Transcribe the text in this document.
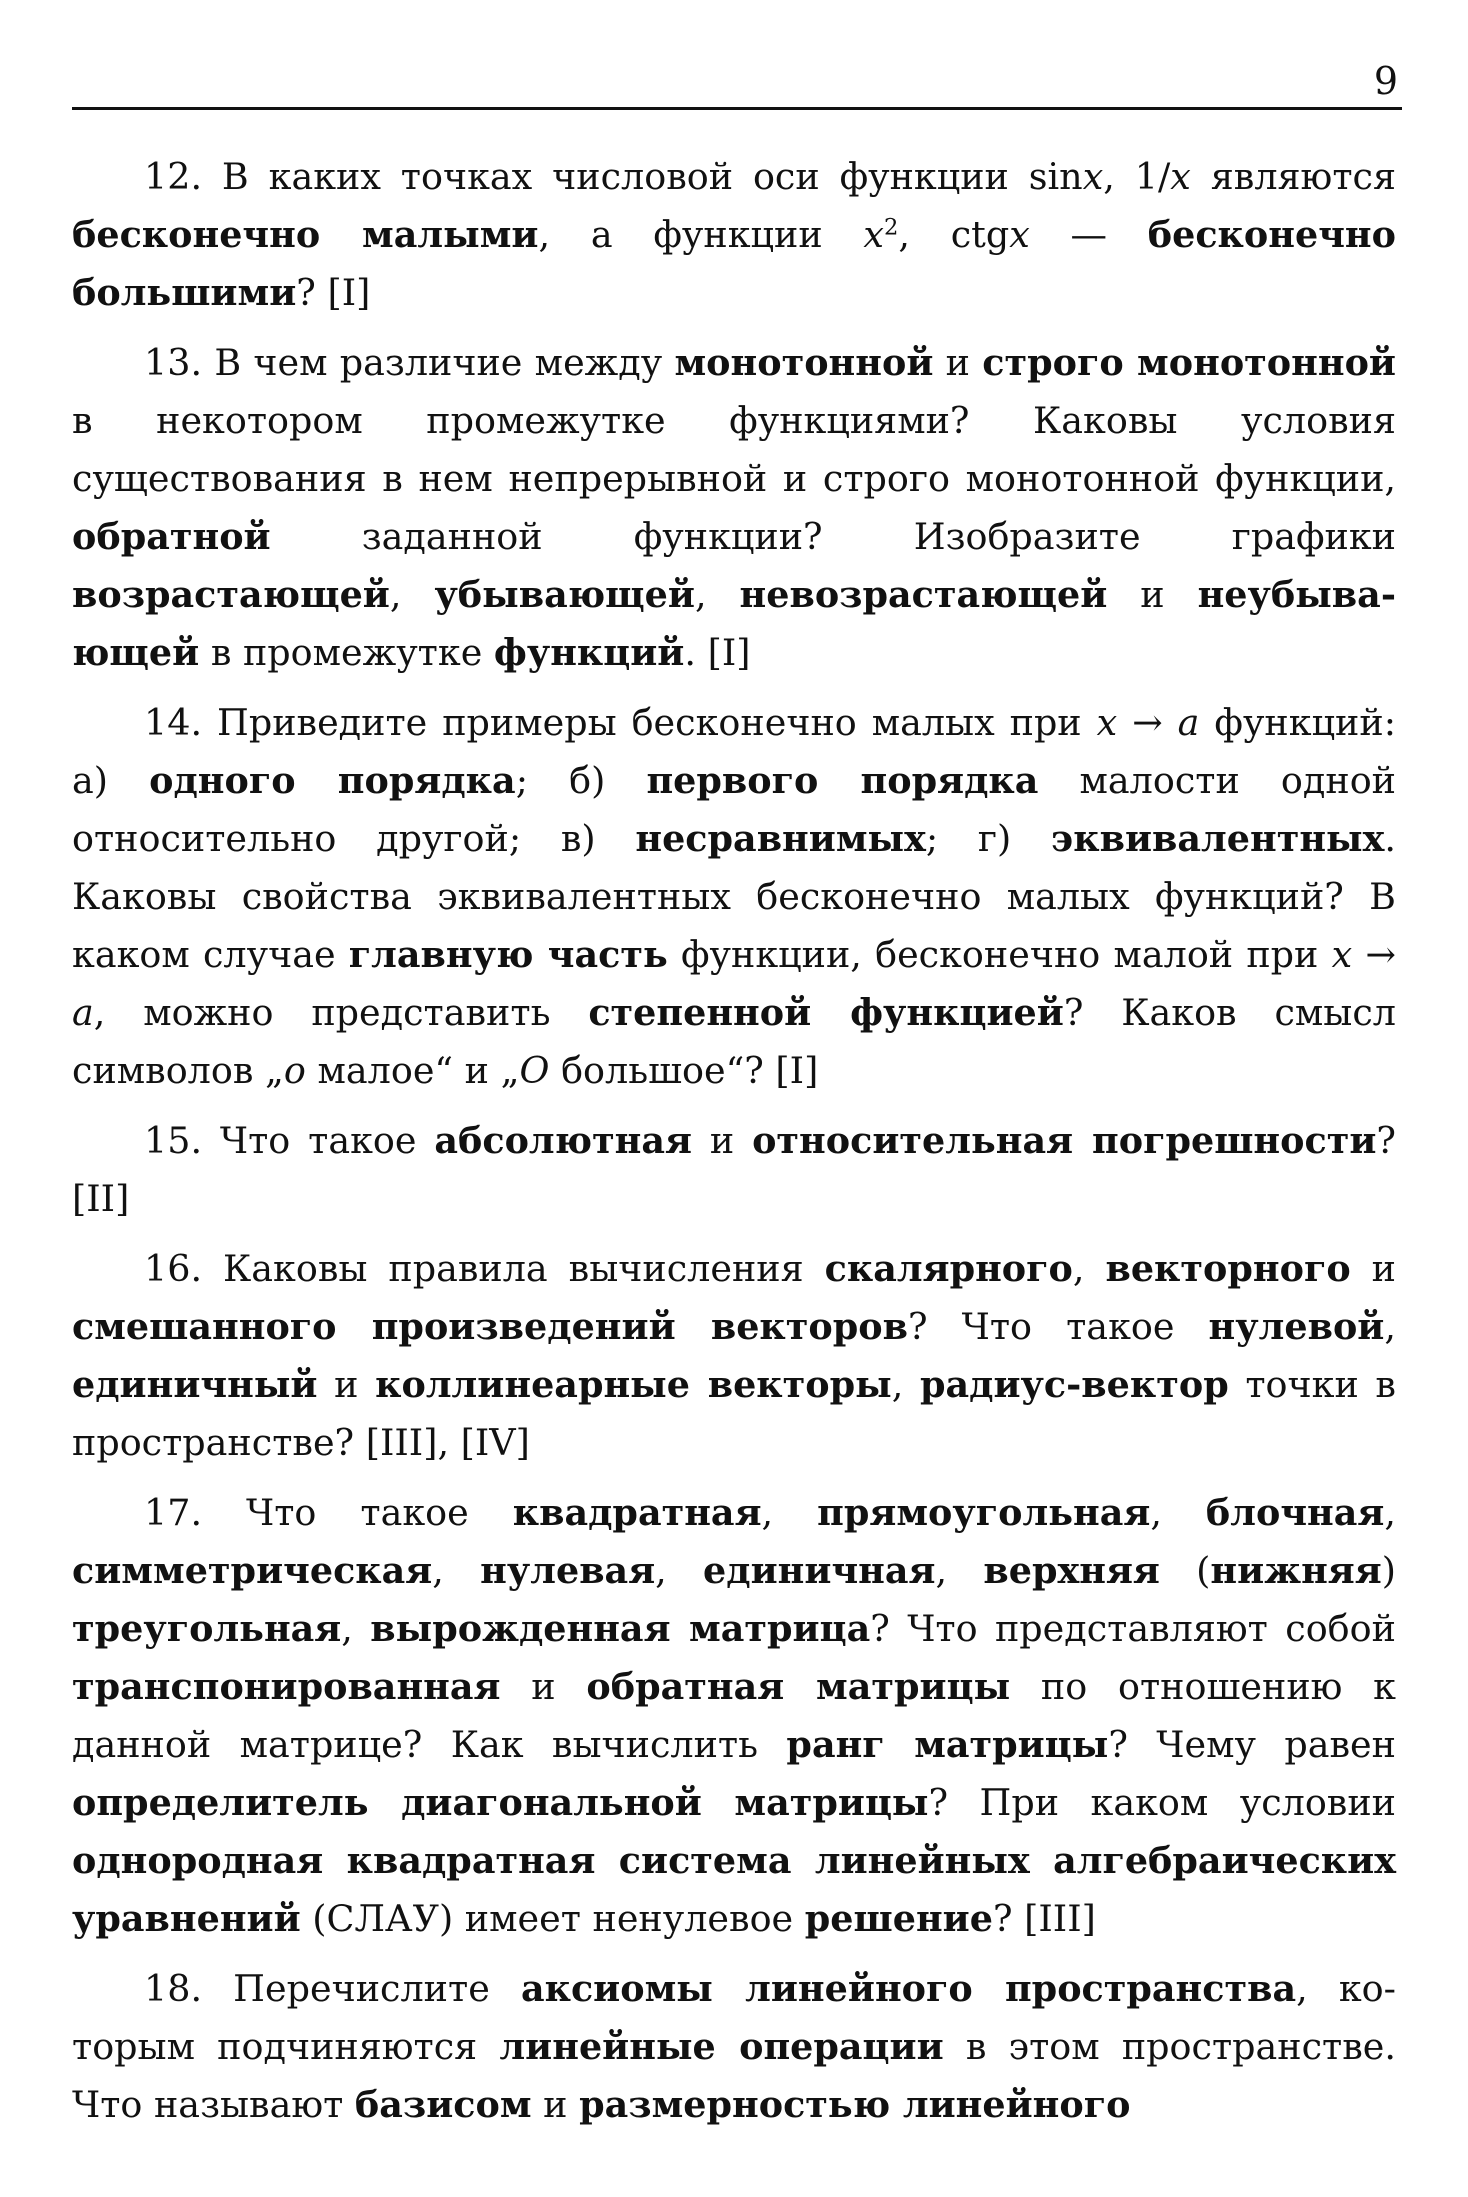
9

12. В каких точках числовой оси функции sinx, 1/x являются бесконечно малыми, а функции $x^2$, ctgx — бесконечно большими? [I]

13. В чем различие между монотонной и строго монотонной в некотором промежутке функциями? Каковы условия существования в нем непрерывной и строго монотонной функции, обратной заданной функции? Изобразите графики возрастающей, убывающей, невозрастающей и неубывающей в промежутке функций. [I]

14. Приведите примеры бесконечно малых при x → a функций: а) одного порядка; б) первого порядка малости одной относительно другой; в) несравнимых; г) эквивалентных. Каковы свойства эквивалентных бесконечно малых функций? В каком случае главную часть функции, бесконечно малой при x → a, можно представить степенной функцией? Каков смысл символов „o малое“ и „O большое“? [I]

15. Что такое абсолютная и относительная погрешности? [II]

16. Каковы правила вычисления скалярного, векторного и смешанного произведений векторов? Что такое нулевой, единичный и коллинеарные векторы, радиус-вектор точки в пространстве? [III], [IV]

17. Что такое квадратная, прямоугольная, блочная, симметрическая, нулевая, единичная, верхняя (нижняя) треугольная, вырожденная матрица? Что представляют собой транспонированная и обратная матрицы по отношению к данной матрице? Как вычислить ранг матрицы? Чему равен определитель диагональной матрицы? При каком условии однородная квадратная система линейных алгебраических уравнений (СЛАУ) имеет ненулевое решение? [III]

18. Перечислите аксиомы линейного пространства, которым подчиняются линейные операции в этом пространстве. Что называют базисом и размерностью линейного
